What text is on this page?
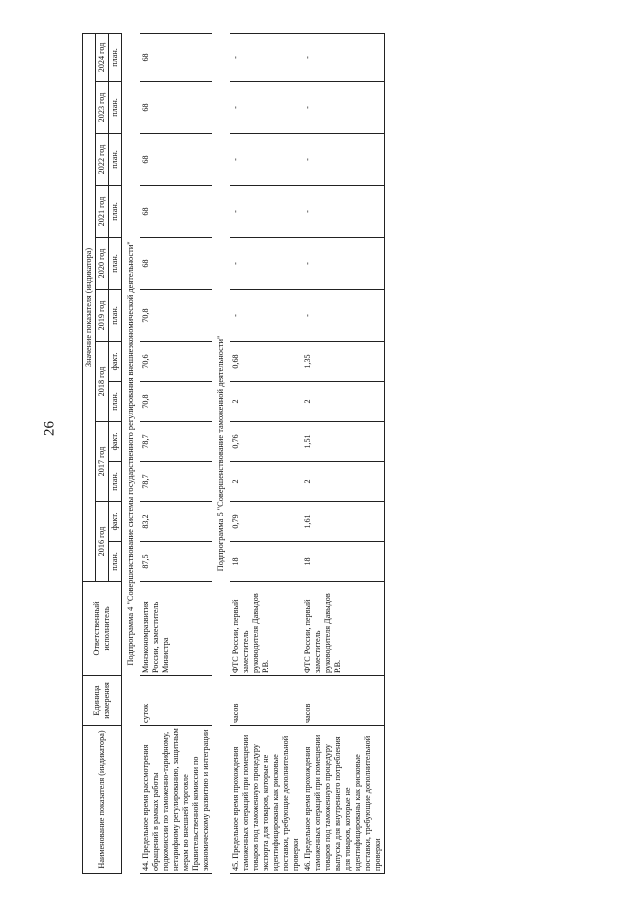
26
Наименование показателя (индикатора)	Единица измерения	Ответственный исполнитель	Значение показателя (индикатора)											
			2016 год		2017 год		2018 год		2019 год	2020 год	2021 год	2022 год	2023 год	2024 год
			план.	факт.	план.	факт.	план.	факт.	план.	план.	план.	план.	план.	план.
Подпрограмма 4 "Совершенствование системы государственного регулирования внешнеэкономической деятельности"														
44. Предельное время рассмотрения обращений в рамках работы подкомиссии по таможенно-тарифному, нетарифному регулированию, защитным мерам во внешней торговле Правительственной комиссии по экономическому развитию и интеграции	суток	Минэкономразвития России, заместитель Министра	87,5	83,2	78,7	78,7	70,8	70,6	70,8	68	68	68	68	68
Подпрограмма 5 "Совершенствование таможенной деятельности"														
45. Предельное время прохождения таможенных операций при помещении товаров под таможенную процедуру экспорта для товаров, которые не идентифицированы как рисковые поставки, требующие дополнительной проверки	часов	ФТС России, первый заместитель руководителя Давыдов Р.В.	18	0,79	2	0,76	2	0,68	-	-	-	-	-	-
46. Предельное время прохождения таможенных операций при помещении товаров под таможенную процедуру выпуска для внутреннего потребления для товаров, которые не идентифицированы как рисковые поставки, требующие дополнительной проверки	часов	ФТС России, первый заместитель руководителя Давыдов Р.В.	18	1,61	2	1,51	2	1,35	-	-	-	-	-	-
